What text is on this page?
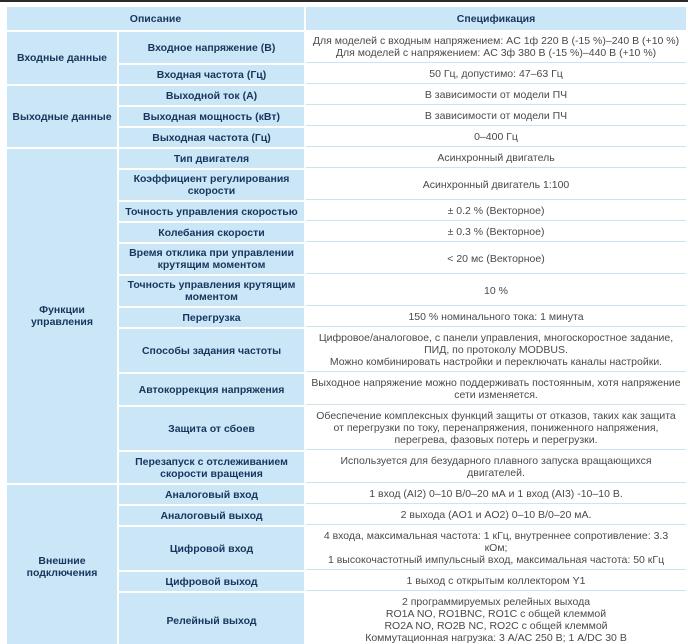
Описание		Спецификация
Входные данные	Входное напряжение (В)	Для моделей с входным напряжением: AC 1ф 220 В (-15 %)–240 В (+10 %)
Для моделей с напряжением: AC 3ф 380 В (-15 %)–440 В (+10 %)

	Входная частота (Гц)	50 Гц, допустимо: 47–63 Гц

Выходные данные	Выходной ток (А)	В зависимости от модели ПЧ

	Выходная мощность (кВт)	В зависимости от модели ПЧ

	Выходная частота (Гц)	0–400 Гц

Функции управления	Тип двигателя	Асинхронный двигатель

	Коэффициент регулирования скорости	Асинхронный двигатель 1:100

	Точность управления скоростью	± 0.2 % (Векторное)

	Колебания скорости	± 0.3 % (Векторное)

	Время отклика при управлении крутящим моментом	< 20 мс (Векторное)

	Точность управления крутящим моментом	10 %

	Перегрузка	150 % номинального тока: 1 минута

	Способы задания частоты	Цифровое/аналоговое, с панели управления, многоскоростное задание, ПИД, по протоколу MODBUS.
Можно комбинировать настройки и переключать каналы настройки.

	Автокоррекция напряжения	Выходное напряжение можно поддерживать постоянным, хотя напряжение сети изменяется.

	Защита от сбоев	Обеспечение комплексных функций защиты от отказов, таких как защита от перегрузки по току, перенапряжения, пониженного напряжения, перегрева, фазовых потерь и перегрузки.

	Перезапуск с отслеживанием скорости вращения	Используется для безударного плавного запуска вращающихся двигателей.

Внешние подключения	Аналоговый вход	1 вход (AI2) 0–10 В/0–20 мА и 1 вход (AI3) -10–10 В.

	Аналоговый выход	2 выхода (AO1 и AO2) 0–10 В/0–20 мА.

	Цифровой вход	4 входа, максимальная частота: 1 кГц, внутреннее сопротивление: 3.3 кОм;
1 высокочастотный импульсный вход, максимальная частота: 50 кГц

	Цифровой выход	1 выход с открытым коллектором Y1

	Релейный выход	2 программируемых релейных выхода
RO1A NO, RO1BNC, RO1C с общей клеммой
RO2A NO, RO2B NC, RO2C с общей клеммой
Коммутационная нагрузка: 3 А/AC 250 В; 1 А/DC 30 В
